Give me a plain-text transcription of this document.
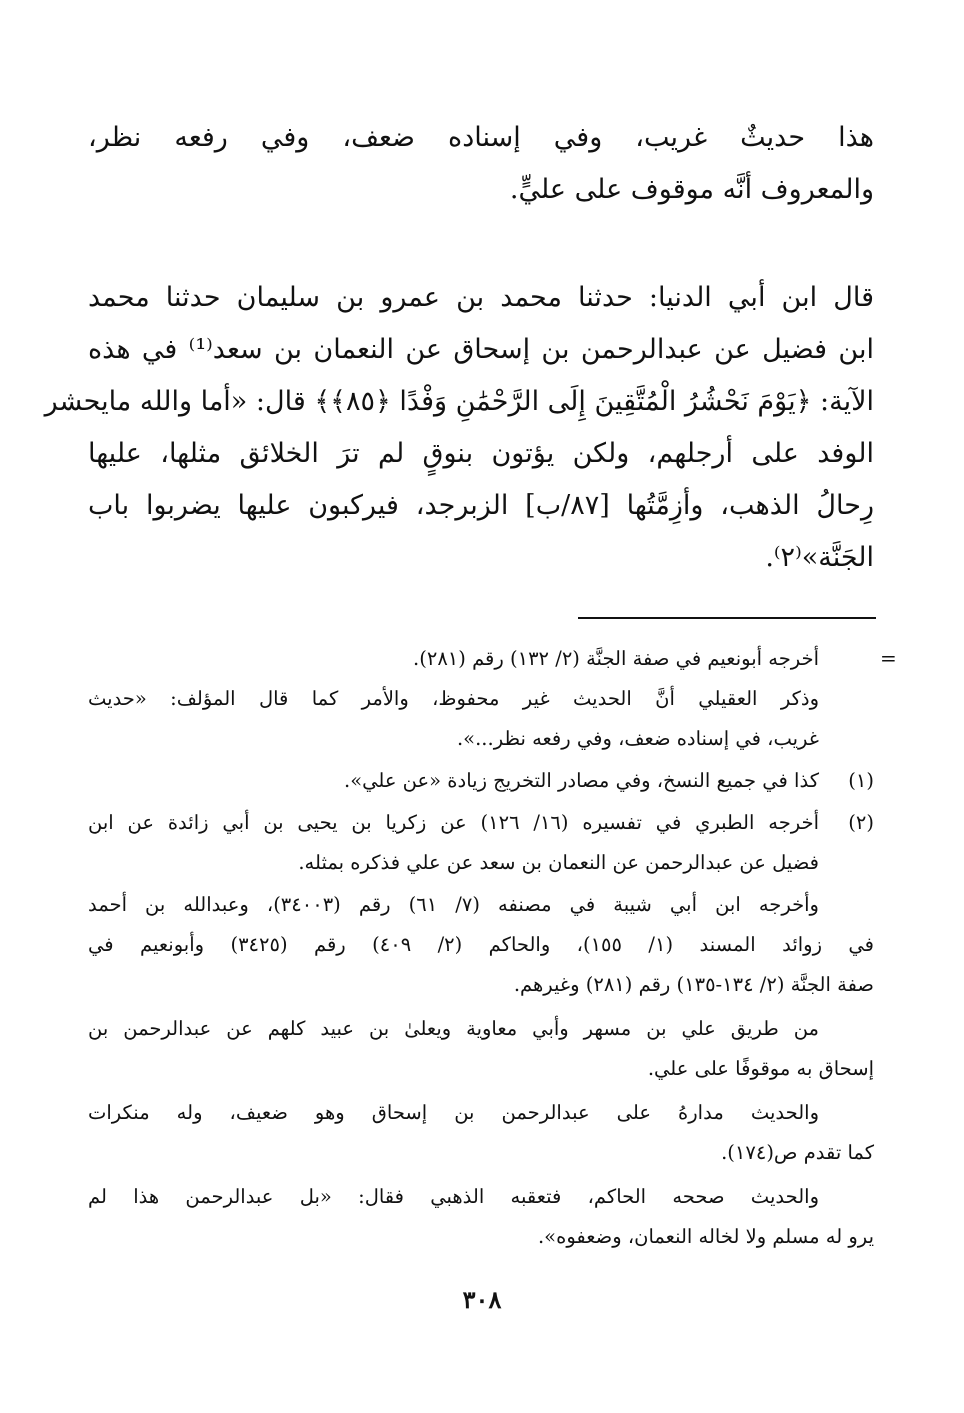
هذا حديثٌ غريب، وفي إسناده ضعف، وفي رفعه نظر،
والمعروف أنَّه موقوف على عليٍّ.
قال ابن أبي الدنيا: حدثنا محمد بن عمرو بن سليمان حدثنا محمد
ابن فضيل عن عبدالرحمن بن إسحاق عن النعمان بن سعد⁽¹⁾ في هذه
الآية: ﴿يَوْمَ نَحْشُرُ الْمُتَّقِينَ إِلَى الرَّحْمَٰنِ وَفْدًا ﴿٨٥﴾﴾ قال: «أما والله مايحشر
الوفد على أرجلهم، ولكن يؤتون بنوقٍ لم ترَ الخلائق مثلها، عليها
رِحالُ الذهب، وأزِمَّتُها [٨٧/ب] الزبرجد، فيركبون عليها يضربوا باب
الجَنَّة»⁽٢⁾.
=
أخرجه أبونعيم في صفة الجنَّة (٢/ ١٣٢) رقم (٢٨١).
وذكر العقيلي أنَّ الحديث غير محفوظ، والأمر كما قال المؤلف: «حديث
غريب، في إسناده ضعف، وفي رفعه نظر...».
(١)
كذا في جميع النسخ، وفي مصادر التخريج زيادة «عن علي».
(٢)
أخرجه الطبري في تفسيره (١٦/ ١٢٦) عن زكريا بن يحيى بن أبي زائدة عن ابن
فضيل عن عبدالرحمن عن النعمان بن سعد عن علي فذكره بمثله.
وأخرجه ابن أبي شيبة في مصنفه (٧/ ٦١) رقم (٣٤٠٠٣)، وعبدالله بن أحمد
في زوائد المسند (١/ ١٥٥)، والحاكم (٢/ ٤٠٩) رقم (٣٤٢٥) وأبونعيم في
صفة الجنَّة (٢/ ١٣٤-١٣٥) رقم (٢٨١) وغيرهم.
من طريق علي بن مسهر وأبي معاوية ويعلىٰ بن عبيد كلهم عن عبدالرحمن بن
إسحاق به موقوفًا على علي.
والحديث مدارهُ على عبدالرحمن بن إسحاق وهو ضعيف، وله منكرات
كما تقدم ص(١٧٤).
والحديث صححه الحاكم، فتعقبه الذهبي فقال: «بل عبدالرحمن هذا لم
يرو له مسلم ولا لخاله النعمان، وضعفوه».
٣٠٨
